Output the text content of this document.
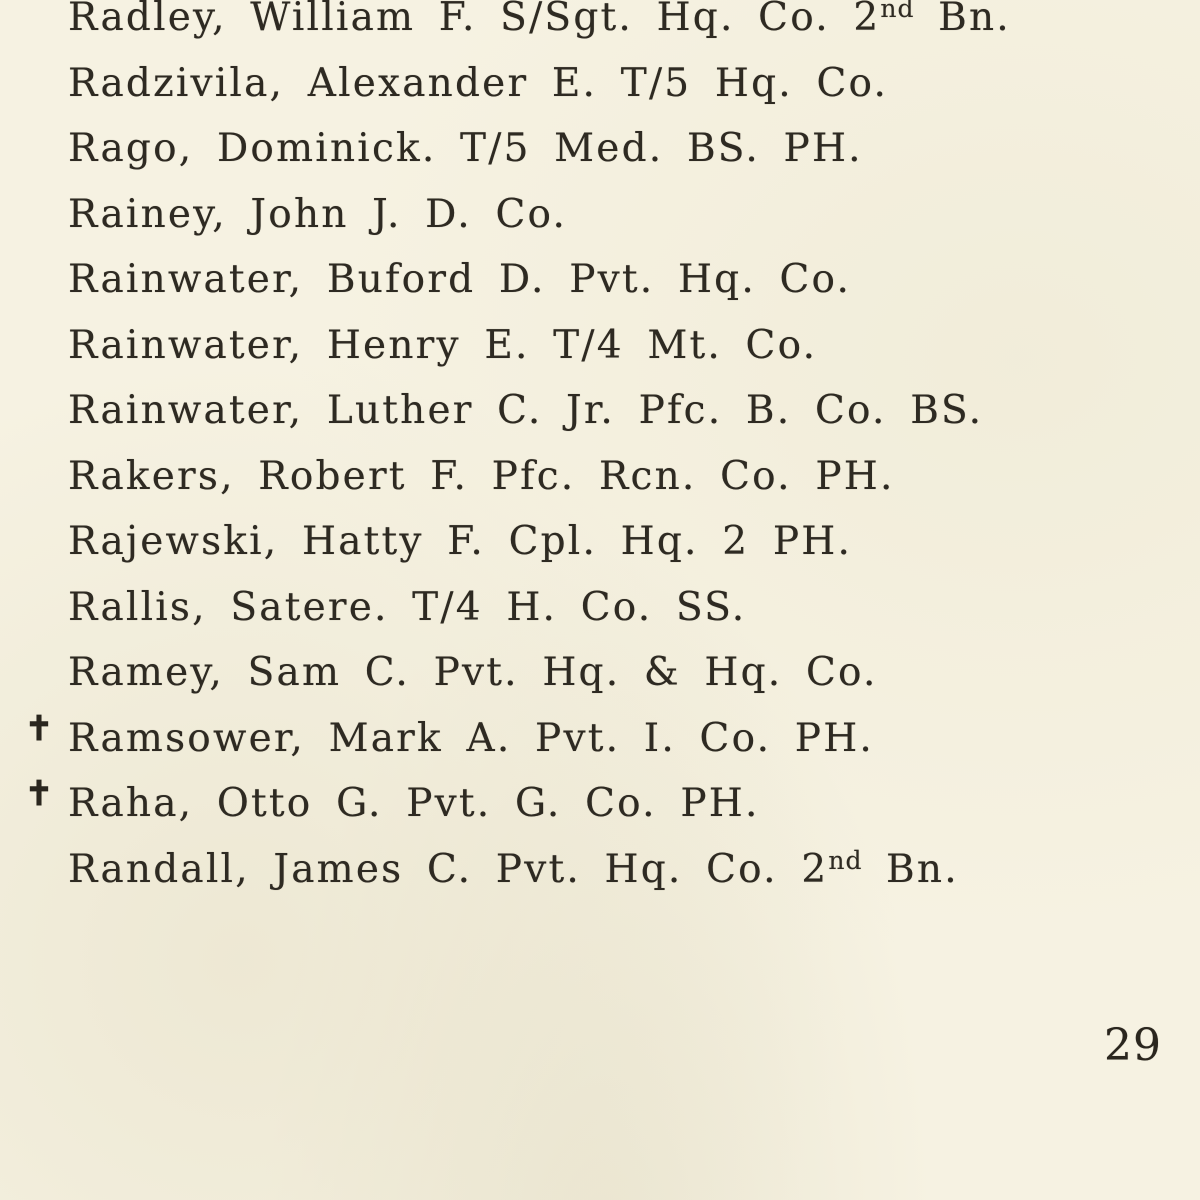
Radley, William F. S/Sgt. Hq. Co. 2nd Bn.
Radzivila, Alexander E. T/5 Hq. Co.
Rago, Dominick. T/5 Med. BS. PH.
Rainey, John J. D. Co.
Rainwater, Buford D. Pvt. Hq. Co.
Rainwater, Henry E. T/4 Mt. Co.
Rainwater, Luther C. Jr. Pfc. B. Co. BS.
Rakers, Robert F. Pfc. Rcn. Co. PH.
Rajewski, Hatty F. Cpl. Hq. 2 PH.
Rallis, Satere. T/4 H. Co. SS.
Ramey, Sam C. Pvt. Hq. & Hq. Co.
✝ Ramsower, Mark A. Pvt. I. Co. PH.
✝ Raha, Otto G. Pvt. G. Co. PH.
Randall, James C. Pvt. Hq. Co. 2nd Bn.
29
